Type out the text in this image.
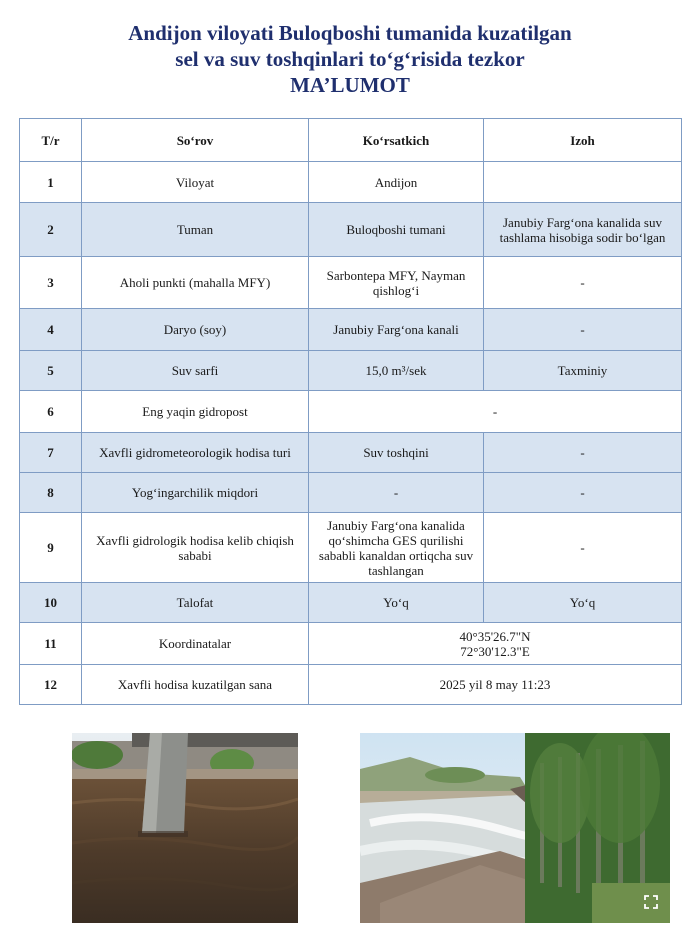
Andijon viloyati Buloqboshi tumanida kuzatilgan
sel va suv toshqinlari to‘g‘risida tezkor
MA’LUMOT
T/r	So‘rov	Ko‘rsatkich	Izoh
1	Viloyat	Andijon	
2	Tuman	Buloqboshi tumani	Janubiy Farg‘ona kanalida suv tashlama hisobiga sodir bo‘lgan
3	Aholi punkti (mahalla MFY)	Sarbontepa MFY, Nayman qishlog‘i	-
4	Daryo (soy)	Janubiy Farg‘ona kanali	-
5	Suv sarfi	15,0 m³/sek	Taxminiy
6	Eng yaqin gidropost	-	
7	Xavfli gidrometeorologik hodisa turi	Suv toshqini	-
8	Yog‘ingarchilik miqdori	-	-
9	Xavfli gidrologik hodisa kelib chiqish sababi	Janubiy Farg‘ona kanalida qo‘shimcha GES qurilishi sababli kanaldan ortiqcha suv tashlangan	-
10	Talofat	Yo‘q	Yo‘q
11	Koordinatalar	40°35'26.7"N
72°30'12.3"E	

12	Xavfli hodisa kuzatilgan sana	2025 yil 8 may 11:23	
